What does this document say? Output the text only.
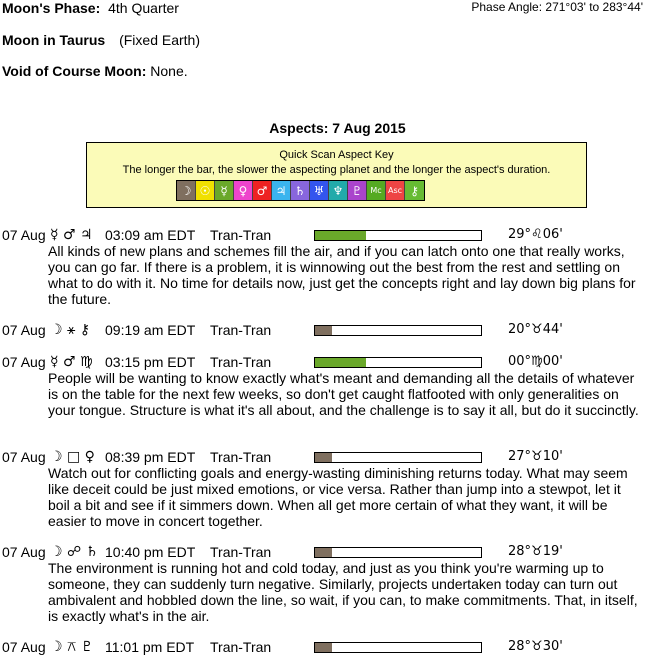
Moon's Phase: 4th Quarter	Phase Angle: 271°03' to 283°44'
Moon in Taurus (Fixed Earth)
Void of Course Moon: None.
Aspects: 7 Aug 2015
Quick Scan Aspect Key
The longer the bar, the slower the aspecting planet and the longer the aspect's duration.
☽ ☉ ☿ ♀ ♂ ♃ ♄ ♅ ♆ ♇ Mc Asc ⚷
07 Aug ☿ ♂ ♃ 03:09 am EDT Tran-Tran	29°♌06'
All kinds of new plans and schemes fill the air, and if you can latch onto one that really works, you can go far. If there is a problem, it is winnowing out the best from the rest and settling on what to do with it. No time for details now, just get the concepts right and lay down big plans for the future.
07 Aug ☽ ⚹ ⚷ 09:19 am EDT Tran-Tran	20°♉44'
07 Aug ☿ ♂ ♍ 03:15 pm EDT Tran-Tran	00°♍00'
People will be wanting to know exactly what's meant and demanding all the details of whatever is on the table for the next few weeks, so don't get caught flatfooted with only generalities on your tongue. Structure is what it's all about, and the challenge is to say it all, but do it succinctly.
07 Aug ☽ □ ♀ 08:39 pm EDT Tran-Tran	27°♉10'
Watch out for conflicting goals and energy-wasting diminishing returns today. What may seem like deceit could be just mixed emotions, or vice versa. Rather than jump into a stewpot, let it boil a bit and see if it simmers down. When all get more certain of what they want, it will be easier to move in concert together.
07 Aug ☽ ☍ ♄ 10:40 pm EDT Tran-Tran	28°♉19'
The environment is running hot and cold today, and just as you think you're warming up to someone, they can suddenly turn negative. Similarly, projects undertaken today can turn out ambivalent and hobbled down the line, so wait, if you can, to make commitments. That, in itself, is exactly what's in the air.
07 Aug ☽ ⚻ ♇ 11:01 pm EDT Tran-Tran	28°♉30'
